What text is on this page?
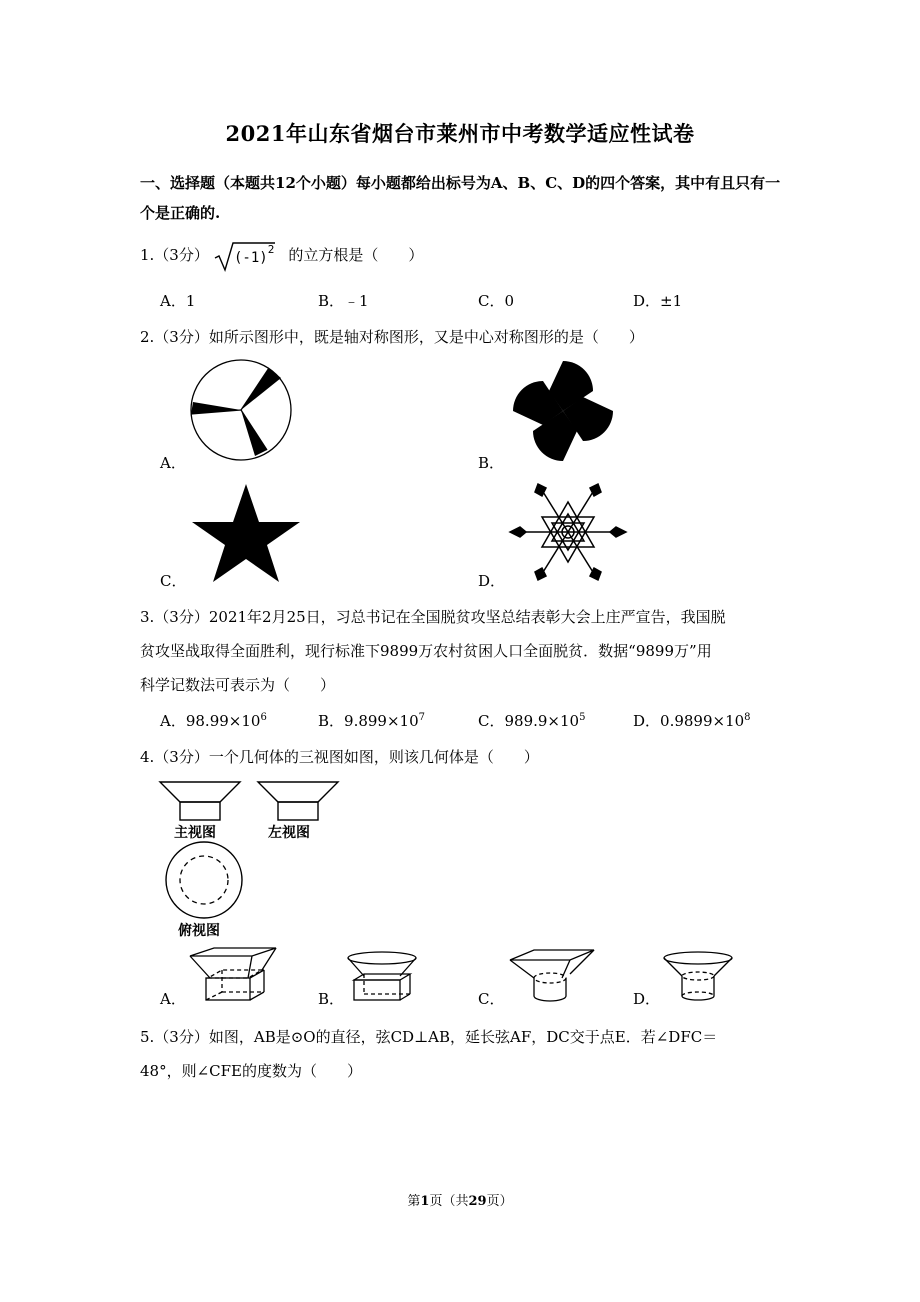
2021年山东省烟台市莱州市中考数学适应性试卷
一、选择题（本题共12个小题）每小题都给出标号为A、B、C、D的四个答案，其中有且只有一个是正确的.
1.（3分）	的立方根是（　　）
$(-1)^2$
A．1	B．﹣1	C．0	D．±1
2.（3分）如所示图形中，既是轴对称图形，又是中心对称图形的是（　　）
A．	B．
C．	D．
3.（3分）2021年2月25日，习总书记在全国脱贫攻坚总结表彰大会上庄严宣告，我国脱
贫攻坚战取得全面胜利，现行标准下9899万农村贫困人口全面脱贫．数据“9899万”用
科学记数法可表示为（　　）
A．$98.99\times 10^6$	B．$9.899\times 10^7$	C．$989.9\times 10^5$	D．$0.9899\times 10^8$
4.（3分）一个几何体的三视图如图，则该几何体是（　　）
主视图	左视图
俯视图
A．	B．	C．	D．
5.（3分）如图，AB是⊙O的直径，弦CD⊥AB，延长弦AF，DC交于点E．若∠DFC＝
48°，则∠CFE的度数为（　　）
第1页（共29页）
